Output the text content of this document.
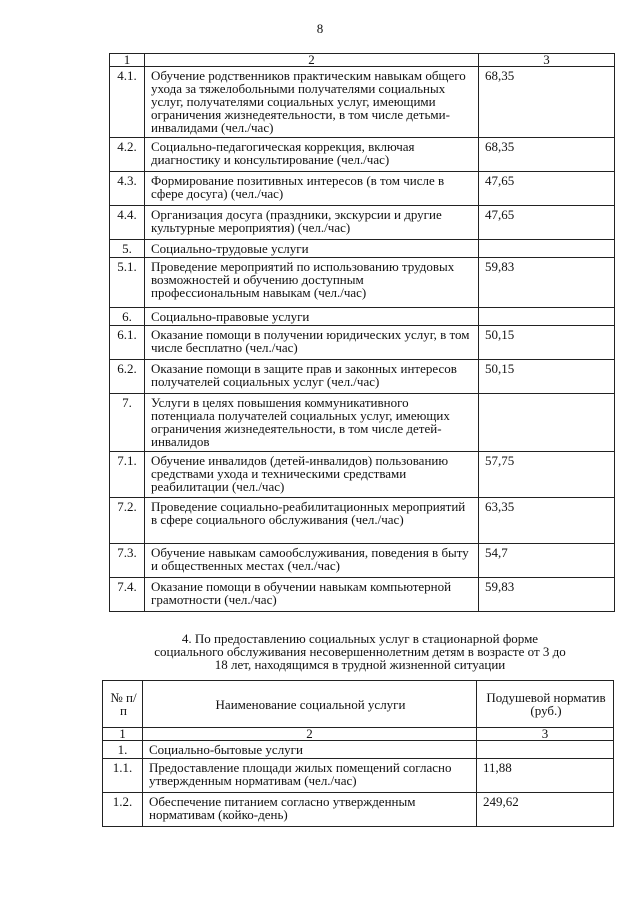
8
1	2	3
4.1.	Обучение родственников практическим навыкам общего ухода за тяжелобольными получателями социальных услуг, получателями социальных услуг, имеющими ограничения жизнедеятельности, в том числе детьми-инвалидами (чел./час)	68,35
4.2.	Социально-педагогическая коррекция, включая диагностику и консультирование (чел./час)	68,35
4.3.	Формирование позитивных интересов (в том числе в сфере досуга) (чел./час)	47,65
4.4.	Организация досуга (праздники, экскурсии и другие культурные мероприятия) (чел./час)	47,65
5.	Социально-трудовые услуги	
5.1.	Проведение мероприятий по использованию трудовых возможностей и обучению доступным профессиональным навыкам (чел./час)	59,83
6.	Социально-правовые услуги	
6.1.	Оказание помощи в получении юридических услуг, в том числе бесплатно (чел./час)	50,15
6.2.	Оказание помощи в защите прав и законных интересов получателей социальных услуг (чел./час)	50,15
7.	Услуги в целях повышения коммуникативного потенциала получателей социальных услуг, имеющих ограничения жизнедеятельности, в том числе детей-инвалидов	
7.1.	Обучение инвалидов (детей-инвалидов) пользованию средствами ухода и техническими средствами реабилитации (чел./час)	57,75
7.2.	Проведение социально-реабилитационных мероприятий в сфере социального обслуживания (чел./час)	63,35
7.3.	Обучение навыкам самообслуживания, поведения в быту и общественных местах (чел./час)	54,7
7.4.	Оказание помощи в обучении навыкам компьютерной грамотности (чел./час)	59,83
4. По предоставлению социальных услуг в стационарной форме социального обслуживания несовершеннолетним детям в возрасте от 3 до 18 лет, находящимся в трудной жизненной ситуации
№ п/п	Наименование социальной услуги	Подушевой норматив (руб.)
1	2	3
1.	Социально-бытовые услуги	
1.1.	Предоставление площади жилых помещений согласно утвержденным нормативам (чел./час)	11,88
1.2.	Обеспечение питанием согласно утвержденным нормативам (койко-день)	249,62
